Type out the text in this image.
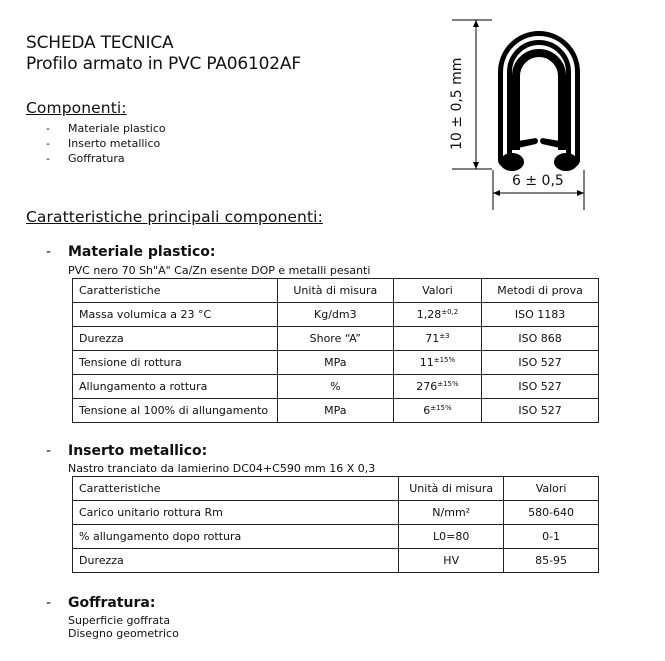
SCHEDA TECNICA
Profilo armato in PVC PA06102AF
Componenti:
-	Materiale plastico
-	Inserto metallico
-	Goffratura
10 ± 0,5 mm
6 ± 0,5
Caratteristiche principali componenti:
-	Materiale plastico:
PVC nero 70 Sh"A" Ca/Zn esente DOP e metalli pesanti
Caratteristiche	Unità di misura	Valori	Metodi di prova
Massa volumica a 23 °C	Kg/dm3	$1,28^{\pm 0,2}$	ISO 1183
Durezza	Shore “A”	$71^{\pm 3}$	ISO 868
Tensione di rottura	MPa	$11^{\pm 15\%}$	ISO 527
Allungamento a rottura	%	$276^{\pm 15\%}$	ISO 527
Tensione al 100% di allungamento	MPa	$6^{\pm 15\%}$	ISO 527
-	Inserto metallico:
Nastro tranciato da lamierino DC04+C590 mm 16 X 0,3
Caratteristiche	Unità di misura	Valori
Carico unitario rottura Rm	N/mm²	580-640
% allungamento dopo rottura	L0=80	0-1
Durezza	HV	85-95
-	Goffratura:
Superficie goffrata
Disegno geometrico
